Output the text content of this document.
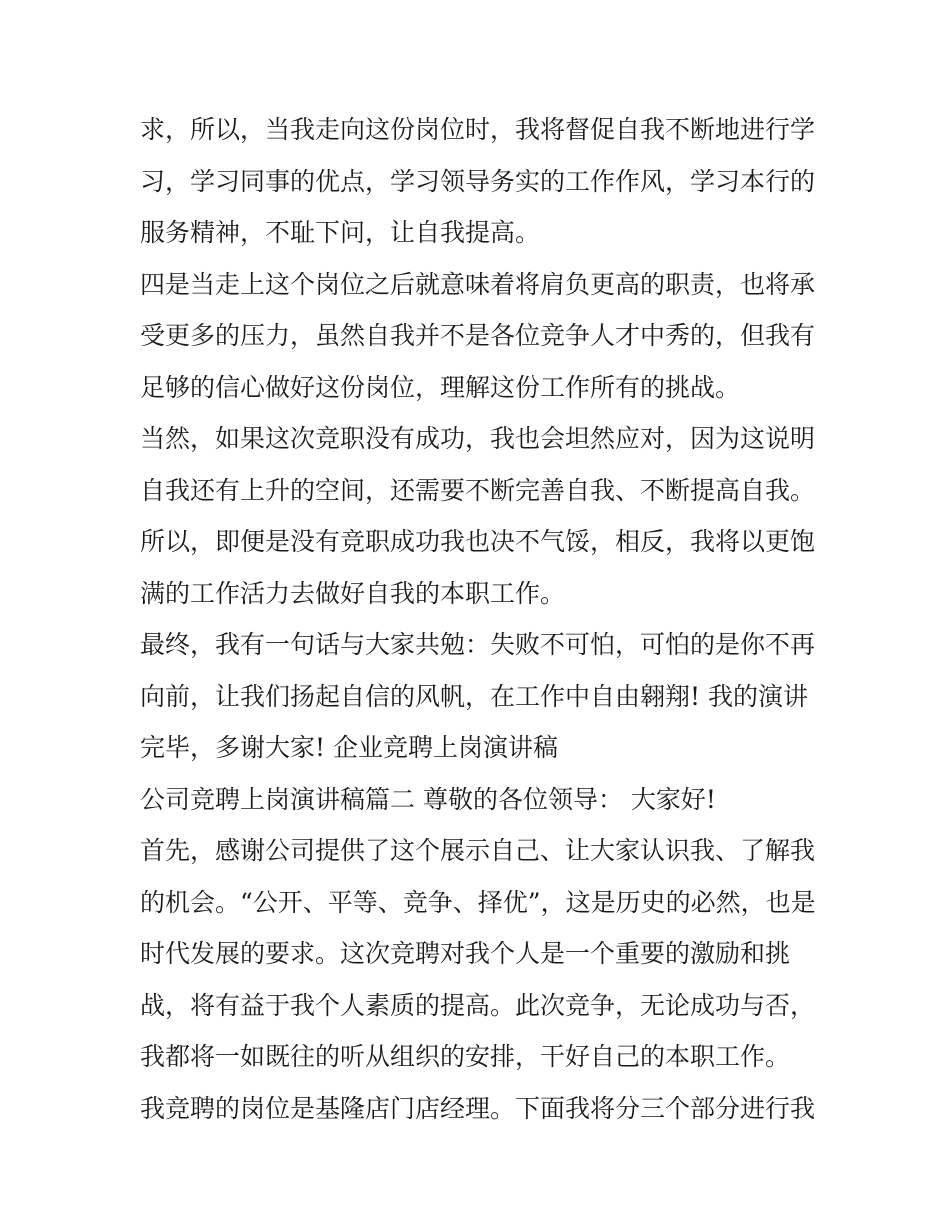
求，所以，当我走向这份岗位时，我将督促自我不断地进行学
习，学习同事的优点，学习领导务实的工作作风，学习本行的
服务精神，不耻下问，让自我提高。
四是当走上这个岗位之后就意味着将肩负更高的职责，也将承
受更多的压力，虽然自我并不是各位竞争人才中秀的，但我有
足够的信心做好这份岗位，理解这份工作所有的挑战。
当然，如果这次竞职没有成功，我也会坦然应对，因为这说明
自我还有上升的空间，还需要不断完善自我、不断提高自我。
所以，即便是没有竞职成功我也决不气馁，相反，我将以更饱
满的工作活力去做好自我的本职工作。
最终，我有一句话与大家共勉：失败不可怕，可怕的是你不再
向前，让我们扬起自信的风帆，在工作中自由翱翔! 我的演讲
完毕，多谢大家! 企业竞聘上岗演讲稿
公司竞聘上岗演讲稿篇二 尊敬的各位领导： 大家好!
首先，感谢公司提供了这个展示自己、让大家认识我、了解我
的机会。“公开、平等、竞争、择优”，这是历史的必然，也是
时代发展的要求。这次竞聘对我个人是一个重要的激励和挑
战，将有益于我个人素质的提高。此次竞争，无论成功与否，
我都将一如既往的听从组织的安排，干好自己的本职工作。
我竞聘的岗位是基隆店门店经理。下面我将分三个部分进行我
